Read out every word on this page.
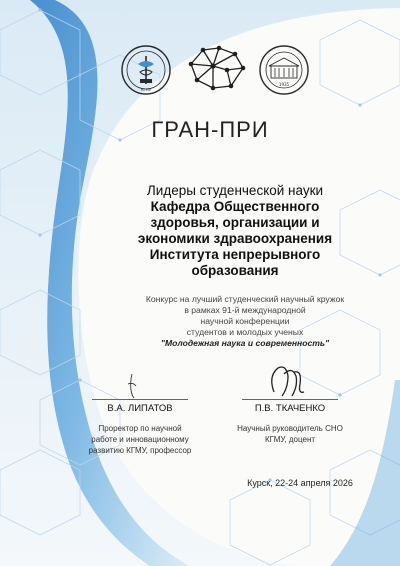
КГМУ
1935
ГРАН-ПРИ
Лидеры студенческой науки
Кафедра Общественного
здоровья, организации и
экономики здравоохранения
Института непрерывного
образования
Конкурс на лучший студенческий научный кружок
в рамках 91-й международной
научной конференции
студентов и молодых ученых
"Молодежная наука и современность"
В.А. ЛИПАТОВ
Проректор по научной
работе и инновационному
развитию КГМУ, профессор
П.В. ТКАЧЕНКО
Научный руководитель СНО
КГМУ, доцент
Курск, 22-24 апреля 2026
